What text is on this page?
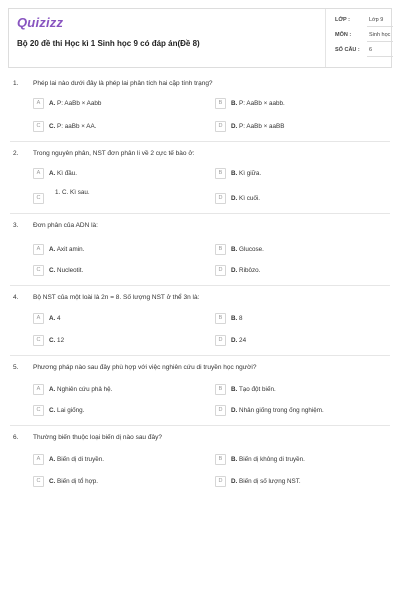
Quizizz
Bộ 20 đề thi Học kì 1 Sinh học 9 có đáp án(Đề 8)
LỚP :	Lớp 9
MÔN :	Sinh học
SỐ CÂU : 6
1. Phép lai nào dưới đây là phép lai phân tích hai cặp tính trạng?
A	A. P: AaBb × Aabb	B	B. P: AaBb × aabb.
C	C. P: aaBb × AA.	D	D. P: AaBb × aaBB
2. Trong nguyên phân, NST đơn phân li về 2 cực tế bào ở:
A	A. Kì đầu.	B	B. Kì giữa.
C
1. C. Kì sau.
D	D. Kì cuối.
3. Đơn phân của ADN là:
A	A. Axit amin.	B	B. Glucose.
C	C. Nucleotit.	D	D. Ribôzo.
4. Bộ NST của một loài là 2n = 8. Số lượng NST ở thể 3n là:
A	A. 4	B	B. 8
C	C. 12	D	D. 24
5. Phương pháp nào sau đây phù hợp với việc nghiên cứu di truyền học người?
A	A. Nghiên cứu phả hệ.	B	B. Tạo đột biến.
C	C. Lai giống.	D	D. Nhân giống trong ống nghiệm.
6. Thường biến thuộc loại biến dị nào sau đây?
A	A. Biến dị di truyền.	B	B. Biến dị không di truyền.
C	C. Biến dị tổ hợp.	D	D. Biến dị số lượng NST.
